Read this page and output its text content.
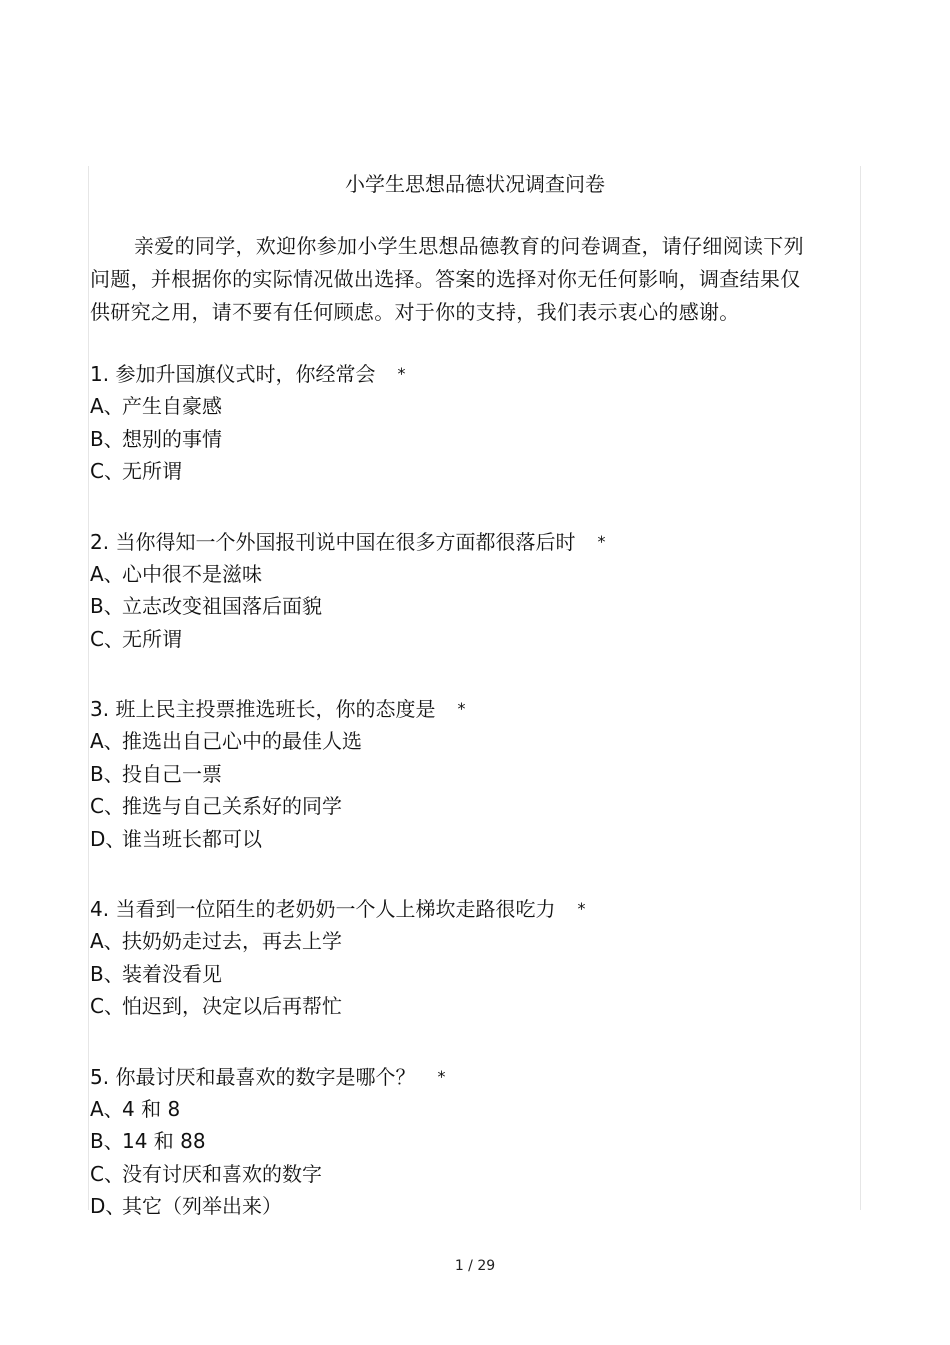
小学生思想品德状况调查问卷

亲爱的同学，欢迎你参加小学生思想品德教育的问卷调查，请仔细阅读下列问题，并根据你的实际情况做出选择。答案的选择对你无任何影响，调查结果仅供研究之用，请不要有任何顾虑。对于你的支持，我们表示衷心的感谢。

1. 参加升国旗仪式时，你经常会 *
A、产生自豪感
B、想别的事情
C、无所谓
2. 当你得知一个外国报刊说中国在很多方面都很落后时 *
A、心中很不是滋味
B、立志改变祖国落后面貌
C、无所谓
3. 班上民主投票推选班长，你的态度是 *
A、推选出自己心中的最佳人选
B、投自己一票
C、推选与自己关系好的同学
D、谁当班长都可以
4. 当看到一位陌生的老奶奶一个人上梯坎走路很吃力 *
A、扶奶奶走过去，再去上学
B、装着没看见
C、怕迟到，决定以后再帮忙
5. 你最讨厌和最喜欢的数字是哪个？ *
A、4 和 8
B、14 和 88
C、没有讨厌和喜欢的数字
D、其它（列举出来）
1 / 29
